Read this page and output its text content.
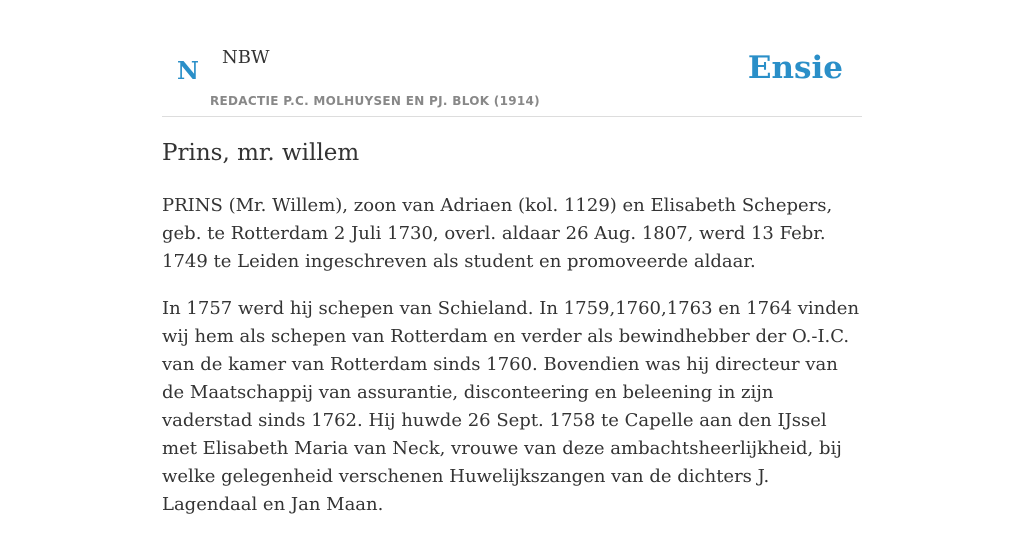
N NBW
REDACTIE P.C. MOLHUYSEN EN PJ. BLOK (1914)
Ensie
Prins, mr. willem

PRINS (Mr. Willem), zoon van Adriaen (kol. 1129) en Elisabeth Schepers, geb. te Rotterdam 2 Juli 1730, overl. aldaar 26 Aug. 1807, werd 13 Febr. 1749 te Leiden ingeschreven als student en promoveerde aldaar.

In 1757 werd hij schepen van Schieland. In 1759,1760,1763 en 1764 vinden wij hem als schepen van Rotterdam en verder als bewindhebber der O.-I.C. van de kamer van Rotterdam sinds 1760. Bovendien was hij directeur van de Maatschappij van assurantie, disconteering en beleening in zijn vaderstad sinds 1762. Hij huwde 26 Sept. 1758 te Capelle aan den IJssel met Elisabeth Maria van Neck, vrouwe van deze ambachtsheerlijkheid, bij welke gelegenheid verschenen Huwelijkszangen van de dichters J. Lagendaal en Jan Maan.
